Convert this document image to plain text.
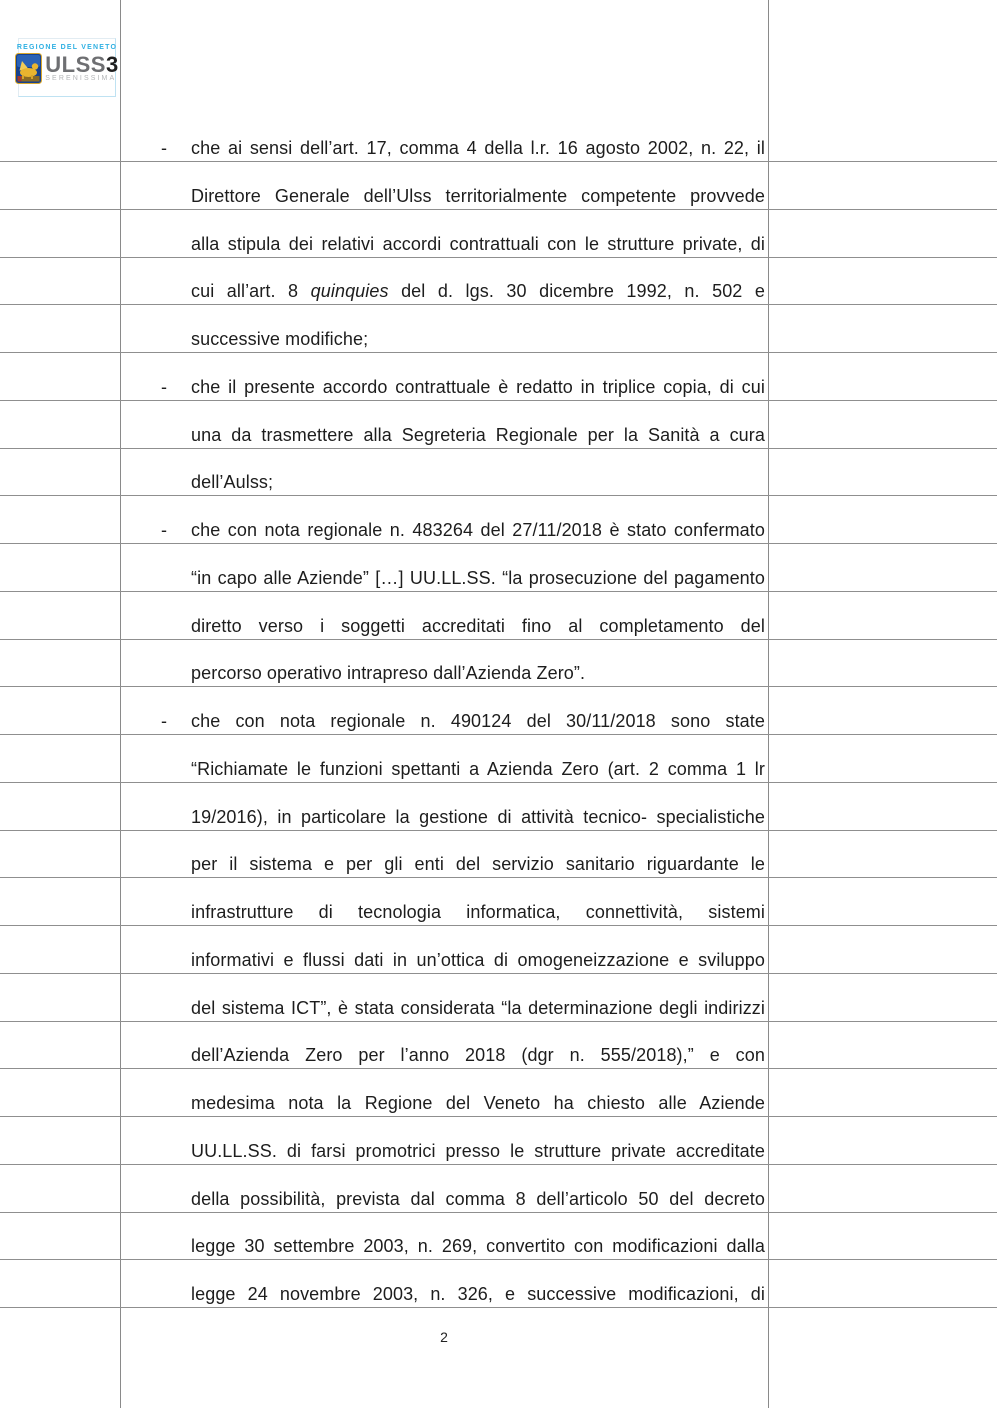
REGIONE DEL VENETO
ULSS3
SERENISSIMA
- che ai sensi dell’art. 17, comma 4 della l.r. 16 agosto 2002, n. 22, il
Direttore Generale dell’Ulss territorialmente competente provvede
alla stipula dei relativi accordi contrattuali con le strutture private, di
cui all’art. 8 quinquies del d. lgs. 30 dicembre 1992, n. 502 e
successive modifiche;
- che il presente accordo contrattuale è redatto in triplice copia, di cui
una da trasmettere alla Segreteria Regionale per la Sanità a cura
dell’Aulss;
- che con nota regionale n. 483264 del 27/11/2018 è stato confermato
“in capo alle Aziende” […] UU.LL.SS. “la prosecuzione del pagamento
diretto verso i soggetti accreditati fino al completamento del
percorso operativo intrapreso dall’Azienda Zero”.
- che con nota regionale n. 490124 del 30/11/2018 sono state
“Richiamate le funzioni spettanti a Azienda Zero (art. 2 comma 1 lr
19/2016), in particolare la gestione di attività tecnico- specialistiche
per il sistema e per gli enti del servizio sanitario riguardante le
infrastrutture di tecnologia informatica, connettività, sistemi
informativi e flussi dati in un’ottica di omogeneizzazione e sviluppo
del sistema ICT”, è stata considerata “la determinazione degli indirizzi
dell’Azienda Zero per l’anno 2018 (dgr n. 555/2018),” e con
medesima nota la Regione del Veneto ha chiesto alle Aziende
UU.LL.SS. di farsi promotrici presso le strutture private accreditate
della possibilità, prevista dal comma 8 dell’articolo 50 del decreto
legge 30 settembre 2003, n. 269, convertito con modificazioni dalla
legge 24 novembre 2003, n. 326, e successive modificazioni, di
2
